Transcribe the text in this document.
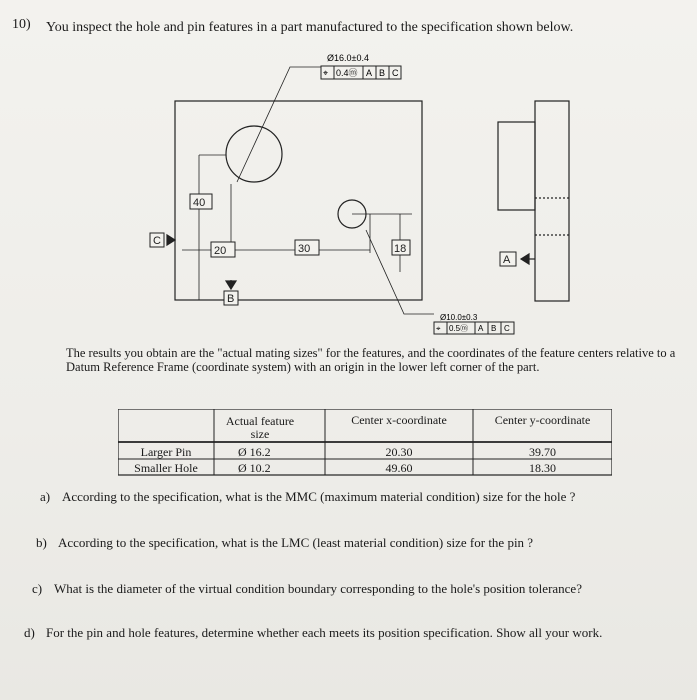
10) You inspect the hole and pin features in a part manufactured to the specification shown below.
Ø16.0±0.4
⌖ 0.4ⓜ A B C
Ø10.0±0.3
⌖ 0.5ⓜ A B C
40
20	30	18
C
B
A
The results you obtain are the "actual mating sizes" for the features, and the coordinates of the feature centers relative to a Datum Reference Frame (coordinate system) with an origin in the lower left corner of the part.
Actual feature size
Center x-coordinate	Center y-coordinate
Larger Pin	Ø 16.2	20.30	39.70
Smaller Hole	Ø 10.2	49.60	18.30
a) According to the specification, what is the MMC (maximum material condition) size for the hole ?
b) According to the specification, what is the LMC (least material condition) size for the pin ?
c) What is the diameter of the virtual condition boundary corresponding to the hole's position tolerance?
d) For the pin and hole features, determine whether each meets its position specification. Show all your work.
